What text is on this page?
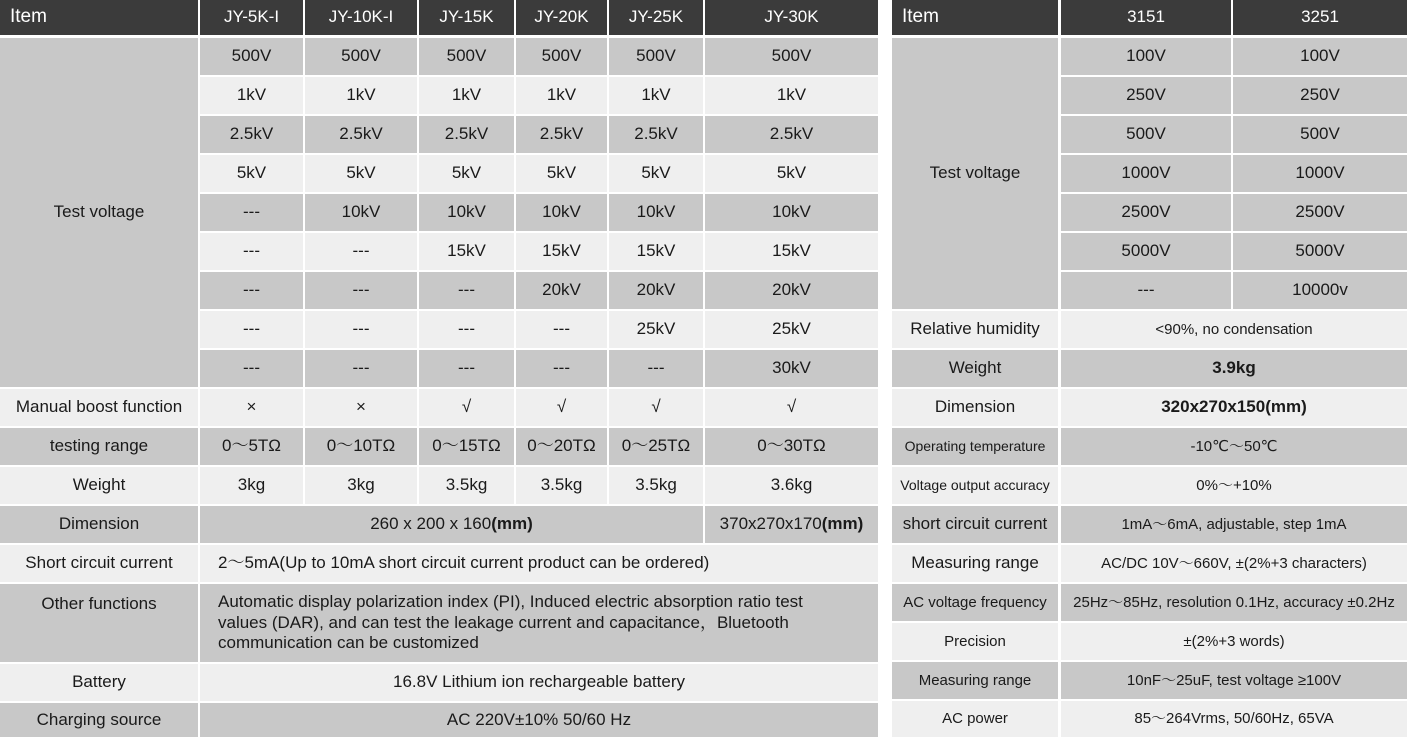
Item	JY-5K-I	JY-10K-I	JY-15K	JY-20K	JY-25K	JY-30K
Test voltage
500V	500V	500V	500V	500V	500V
1kV	1kV	1kV	1kV	1kV	1kV
2.5kV	2.5kV	2.5kV	2.5kV	2.5kV	2.5kV
5kV	5kV	5kV	5kV	5kV	5kV
---	10kV	10kV	10kV	10kV	10kV
---	---	15kV	15kV	15kV	15kV
---	---	---	20kV	20kV	20kV
---	---	---	---	25kV	25kV
---	---	---	---	---	30kV
Manual boost function	×	×	√	√	√	√
testing range	0～5TΩ	0～10TΩ	0～15TΩ	0～20TΩ	0～25TΩ	0～30TΩ
Weight	3kg	3kg	3.5kg	3.5kg	3.5kg	3.6kg
Dimension	260 x 200 x 160 (mm)	370x270x170 (mm)
Short circuit current	2～5mA(Up to 10mA short circuit current product can be ordered)
Other functions	Automatic display polarization index (PI), Induced electric absorption ratio test values (DAR), and can test the leakage current and capacitance，Bluetooth communication can be customized
Battery	16.8V Lithium ion rechargeable battery
Charging source	AC 220V±10% 50/60 Hz
Item	3151	3251
Test voltage
100V	100V
250V	250V
500V	500V
1000V	1000V
2500V	2500V
5000V	5000V
---	10000v
Relative humidity	<90%, no condensation
Weight	3.9kg
Dimension	320x270x150(mm)
Operating temperature	-10℃～50℃
Voltage output accuracy	0%～+10%
short circuit current	1mA～6mA, adjustable, step 1mA
Measuring range	AC/DC 10V～660V, ±(2%+3 characters)
AC voltage frequency	25Hz～85Hz, resolution 0.1Hz, accuracy ±0.2Hz
Precision	±(2%+3 words)
Measuring range	10nF～25uF, test voltage ≥100V
AC power	85～264Vrms, 50/60Hz, 65VA
